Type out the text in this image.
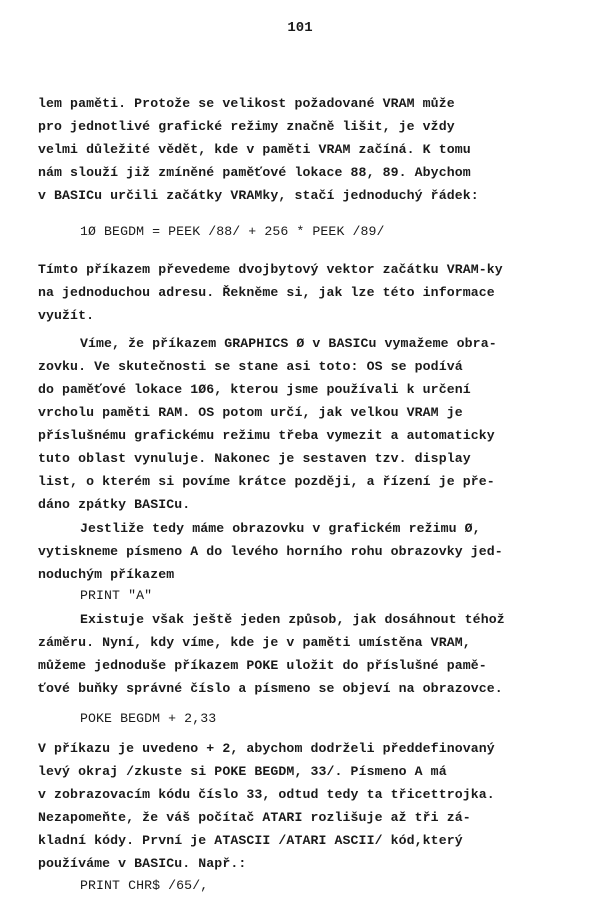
101
lem paměti. Protože se velikost požadované VRAM může
pro jednotlivé grafické režimy značně lišit, je vždy
velmi důležité vědět, kde v paměti VRAM začíná. K tomu
nám slouží již zmíněné paměťové lokace 88, 89. Abychom
v BASICu určili začátky VRAMky, stačí jednoduchý řádek:
1Ø BEGDM = PEEK /88/ + 256 * PEEK /89/
Tímto příkazem převedeme dvojbytový vektor začátku VRAM-ky
na jednoduchou adresu. Řekněme si, jak lze této informace
využít.
Víme, že příkazem GRAPHICS Ø v BASICu vymažeme obra-
zovku. Ve skutečnosti se stane asi toto: OS se podívá
do paměťové lokace 1Ø6, kterou jsme používali k určení
vrcholu paměti RAM. OS potom určí, jak velkou VRAM je
příslušnému grafickému režimu třeba vymezit a automaticky
tuto oblast vynuluje. Nakonec je sestaven tzv. display
list, o kterém si povíme krátce později, a řízení je pře-
dáno zpátky BASICu.
Jestliže tedy máme obrazovku v grafickém režimu Ø,
vytiskneme písmeno A do levého horního rohu obrazovky jed-
noduchým příkazem
PRINT "A"
Existuje však ještě jeden způsob, jak dosáhnout téhož
záměru. Nyní, kdy víme, kde je v paměti umístěna VRAM,
můžeme jednoduše příkazem POKE uložit do příslušné pamě-
ťové buňky správné číslo a písmeno se objeví na obrazovce.
POKE BEGDM + 2,33
V příkazu je uvedeno + 2, abychom dodrželi předdefinovaný
levý okraj /zkuste si POKE BEGDM, 33/. Písmeno A má
v zobrazovacím kódu číslo 33, odtud tedy ta třicettrojka.
Nezapomeňte, že váš počítač ATARI rozlišuje až tři zá-
kladní kódy. První je ATASCII /ATARI ASCII/ kód,který
používáme v BASICu. Např.:
PRINT CHR$ /65/,
